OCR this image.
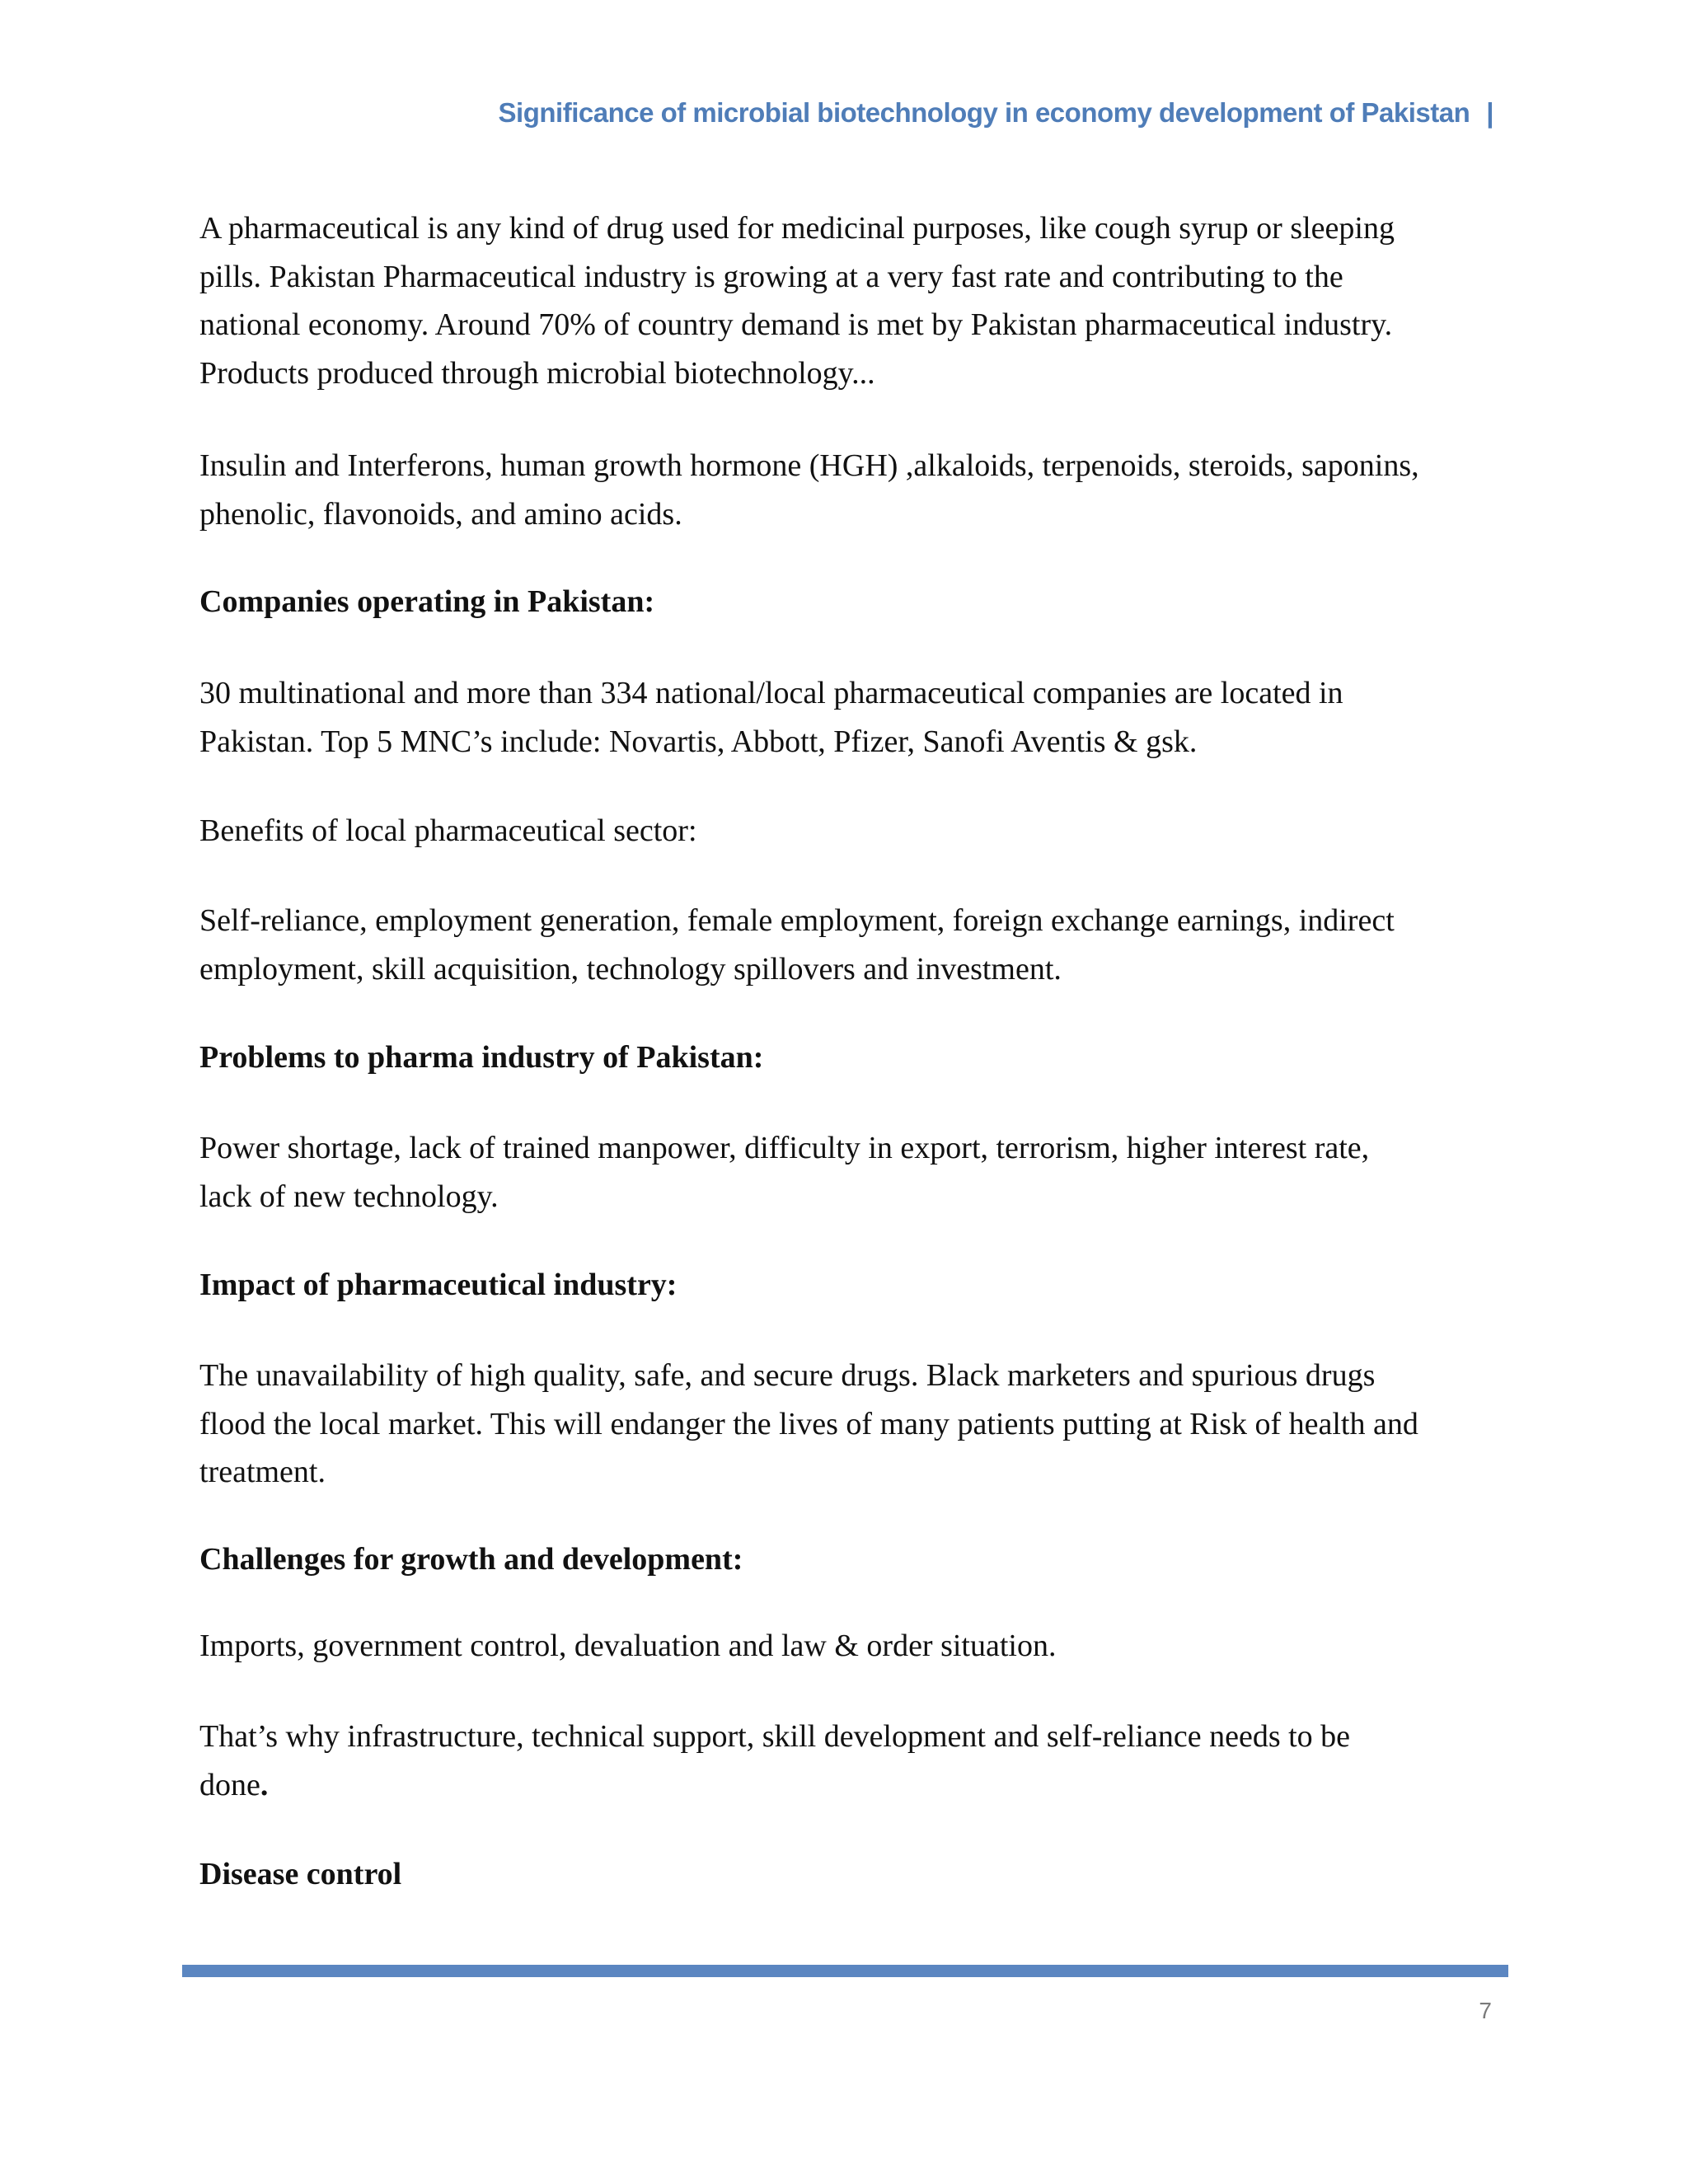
Significance of microbial biotechnology in economy development of Pakistan |

A pharmaceutical is any kind of drug used for medicinal purposes, like cough syrup or sleeping

pills. Pakistan Pharmaceutical industry is growing at a very fast rate and contributing to the

national economy. Around 70% of country demand is met by Pakistan pharmaceutical industry.

Products produced through microbial biotechnology...

Insulin and Interferons, human growth hormone (HGH) ,alkaloids, terpenoids, steroids, saponins,

phenolic, flavonoids, and amino acids.

Companies operating in Pakistan:

30 multinational and more than 334 national/local pharmaceutical companies are located in

Pakistan. Top 5 MNC’s include: Novartis, Abbott, Pfizer, Sanofi Aventis & gsk.

Benefits of local pharmaceutical sector:

Self-reliance, employment generation, female employment, foreign exchange earnings, indirect

employment, skill acquisition, technology spillovers and investment.

Problems to pharma industry of Pakistan:

Power shortage, lack of trained manpower, difficulty in export, terrorism, higher interest rate,

lack of new technology.

Impact of pharmaceutical industry:

The unavailability of high quality, safe, and secure drugs. Black marketers and spurious drugs

flood the local market. This will endanger the lives of many patients putting at Risk of health and

treatment.

Challenges for growth and development:

Imports, government control, devaluation and law & order situation.

That’s why infrastructure, technical support, skill development and self-reliance needs to be

done.

Disease control
7
